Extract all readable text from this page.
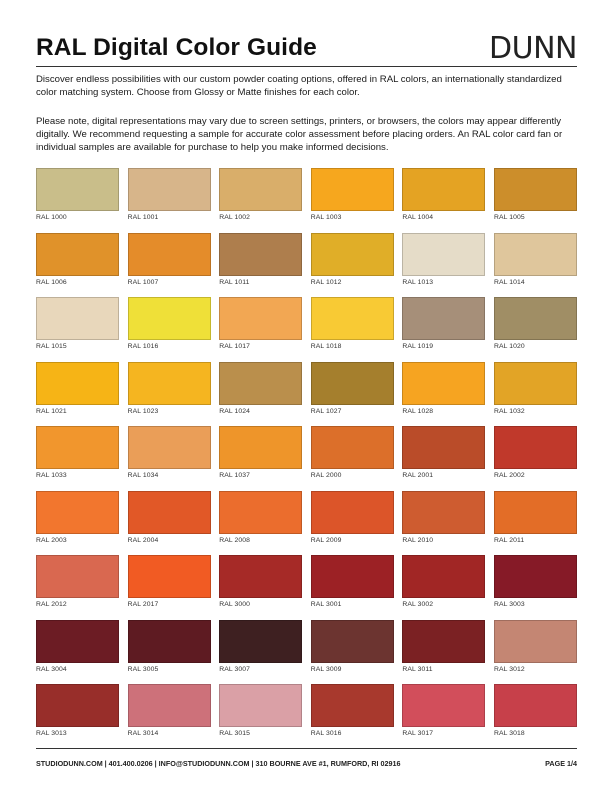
RAL Digital Color Guide	DUNN

Discover endless possibilities with our custom powder coating options, offered in RAL colors, an internationally standardized color matching system. Choose from Glossy or Matte finishes for each color.

Please note, digital representations may vary due to screen settings, printers, or browsers, the colors may appear differently digitally. We recommend requesting a sample for accurate color assessment before placing orders. An RAL color card fan or individual samples are available for purchase to help you make informed decisions.

RAL 1000	RAL 1001	RAL 1002	RAL 1003	RAL 1004	RAL 1005
RAL 1006	RAL 1007	RAL 1011	RAL 1012	RAL 1013	RAL 1014
RAL 1015	RAL 1016	RAL 1017	RAL 1018	RAL 1019	RAL 1020
RAL 1021	RAL 1023	RAL 1024	RAL 1027	RAL 1028	RAL 1032
RAL 1033	RAL 1034	RAL 1037	RAL 2000	RAL 2001	RAL 2002
RAL 2003	RAL 2004	RAL 2008	RAL 2009	RAL 2010	RAL 2011
RAL 2012	RAL 2017	RAL 3000	RAL 3001	RAL 3002	RAL 3003
RAL 3004	RAL 3005	RAL 3007	RAL 3009	RAL 3011	RAL 3012
RAL 3013	RAL 3014	RAL 3015	RAL 3016	RAL 3017	RAL 3018
STUDIODUNN.COM | 401.400.0206 | INFO@STUDIODUNN.COM | 310 BOURNE AVE #1, RUMFORD, RI 02916	PAGE 1/4
